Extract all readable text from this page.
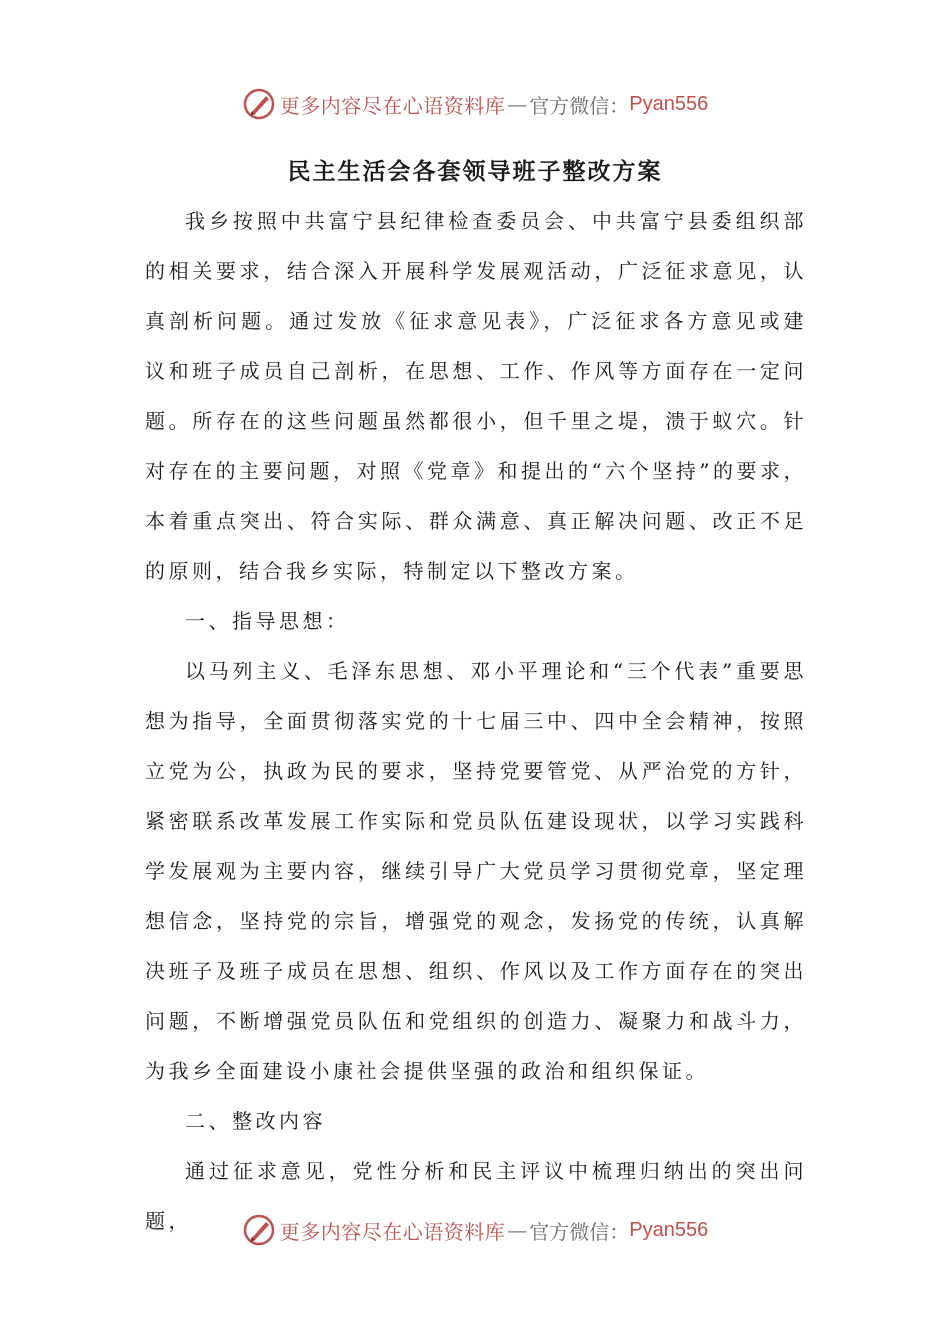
更多内容尽在心语资料库 — 官方微信： Pyan556
民主生活会各套领导班子整改方案

我乡按照中共富宁县纪律检查委员会、中共富宁县委组织部的相关要求，结合深入开展科学发展观活动，广泛征求意见，认真剖析问题。通过发放《征求意见表》，广泛征求各方意见或建议和班子成员自己剖析，在思想、工作、作风等方面存在一定问题。所存在的这些问题虽然都很小，但千里之堤，溃于蚁穴。针对存在的主要问题，对照《党章》和提出的“六个坚持”的要求，本着重点突出、符合实际、群众满意、真正解决问题、改正不足的原则，结合我乡实际，特制定以下整改方案。

一、指导思想：

以马列主义、毛泽东思想、邓小平理论和“三个代表”重要思想为指导，全面贯彻落实党的十七届三中、四中全会精神，按照立党为公，执政为民的要求，坚持党要管党、从严治党的方针，紧密联系改革发展工作实际和党员队伍建设现状，以学习实践科学发展观为主要内容，继续引导广大党员学习贯彻党章，坚定理想信念，坚持党的宗旨，增强党的观念，发扬党的传统，认真解决班子及班子成员在思想、组织、作风以及工作方面存在的突出问题，不断增强党员队伍和党组织的创造力、凝聚力和战斗力，为我乡全面建设小康社会提供坚强的政治和组织保证。

二、整改内容

通过征求意见，党性分析和民主评议中梳理归纳出的突出问题，	更多内容尽在心语资料库 — 官方微信： Pyan556
